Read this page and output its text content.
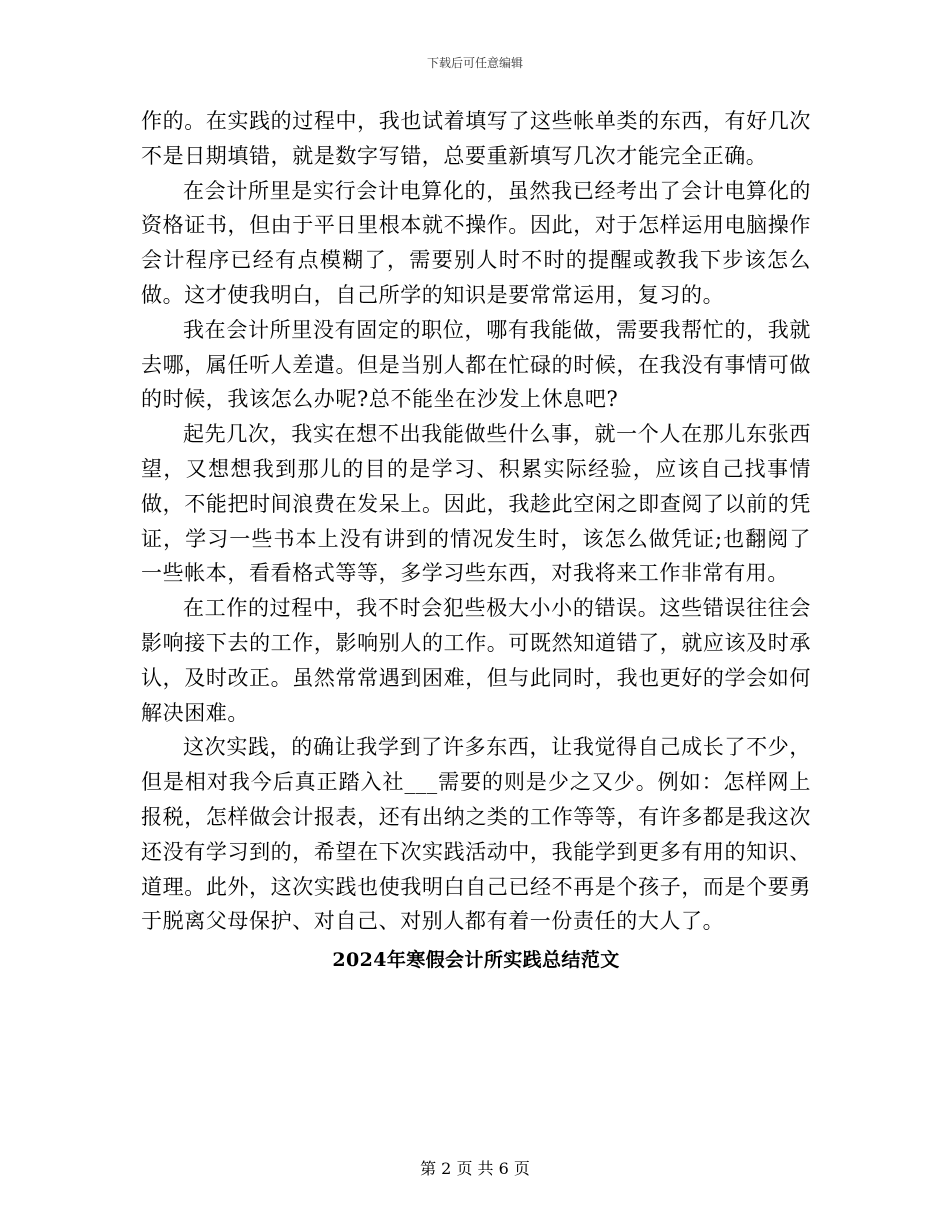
下载后可任意编辑

作的。在实践的过程中，我也试着填写了这些帐单类的东西，有好几次不是日期填错，就是数字写错，总要重新填写几次才能完全正确。

在会计所里是实行会计电算化的，虽然我已经考出了会计电算化的资格证书，但由于平日里根本就不操作。因此，对于怎样运用电脑操作会计程序已经有点模糊了，需要别人时不时的提醒或教我下步该怎么做。这才使我明白，自己所学的知识是要常常运用，复习的。

我在会计所里没有固定的职位，哪有我能做，需要我帮忙的，我就去哪，属任听人差遣。但是当别人都在忙碌的时候，在我没有事情可做的时候，我该怎么办呢?总不能坐在沙发上休息吧?

起先几次，我实在想不出我能做些什么事，就一个人在那儿东张西望，又想想我到那儿的目的是学习、积累实际经验，应该自己找事情做，不能把时间浪费在发呆上。因此，我趁此空闲之即查阅了以前的凭证，学习一些书本上没有讲到的情况发生时，该怎么做凭证;也翻阅了一些帐本，看看格式等等，多学习些东西，对我将来工作非常有用。

在工作的过程中，我不时会犯些极大小小的错误。这些错误往往会影响接下去的工作，影响别人的工作。可既然知道错了，就应该及时承认，及时改正。虽然常常遇到困难，但与此同时，我也更好的学会如何解决困难。

这次实践，的确让我学到了许多东西，让我觉得自己成长了不少，但是相对我今后真正踏入社___需要的则是少之又少。例如：怎样网上报税，怎样做会计报表，还有出纳之类的工作等等，有许多都是我这次还没有学习到的，希望在下次实践活动中，我能学到更多有用的知识、道理。此外，这次实践也使我明白自己已经不再是个孩子，而是个要勇于脱离父母保护、对自己、对别人都有着一份责任的大人了。

2024年寒假会计所实践总结范文
第 2 页 共 6 页
